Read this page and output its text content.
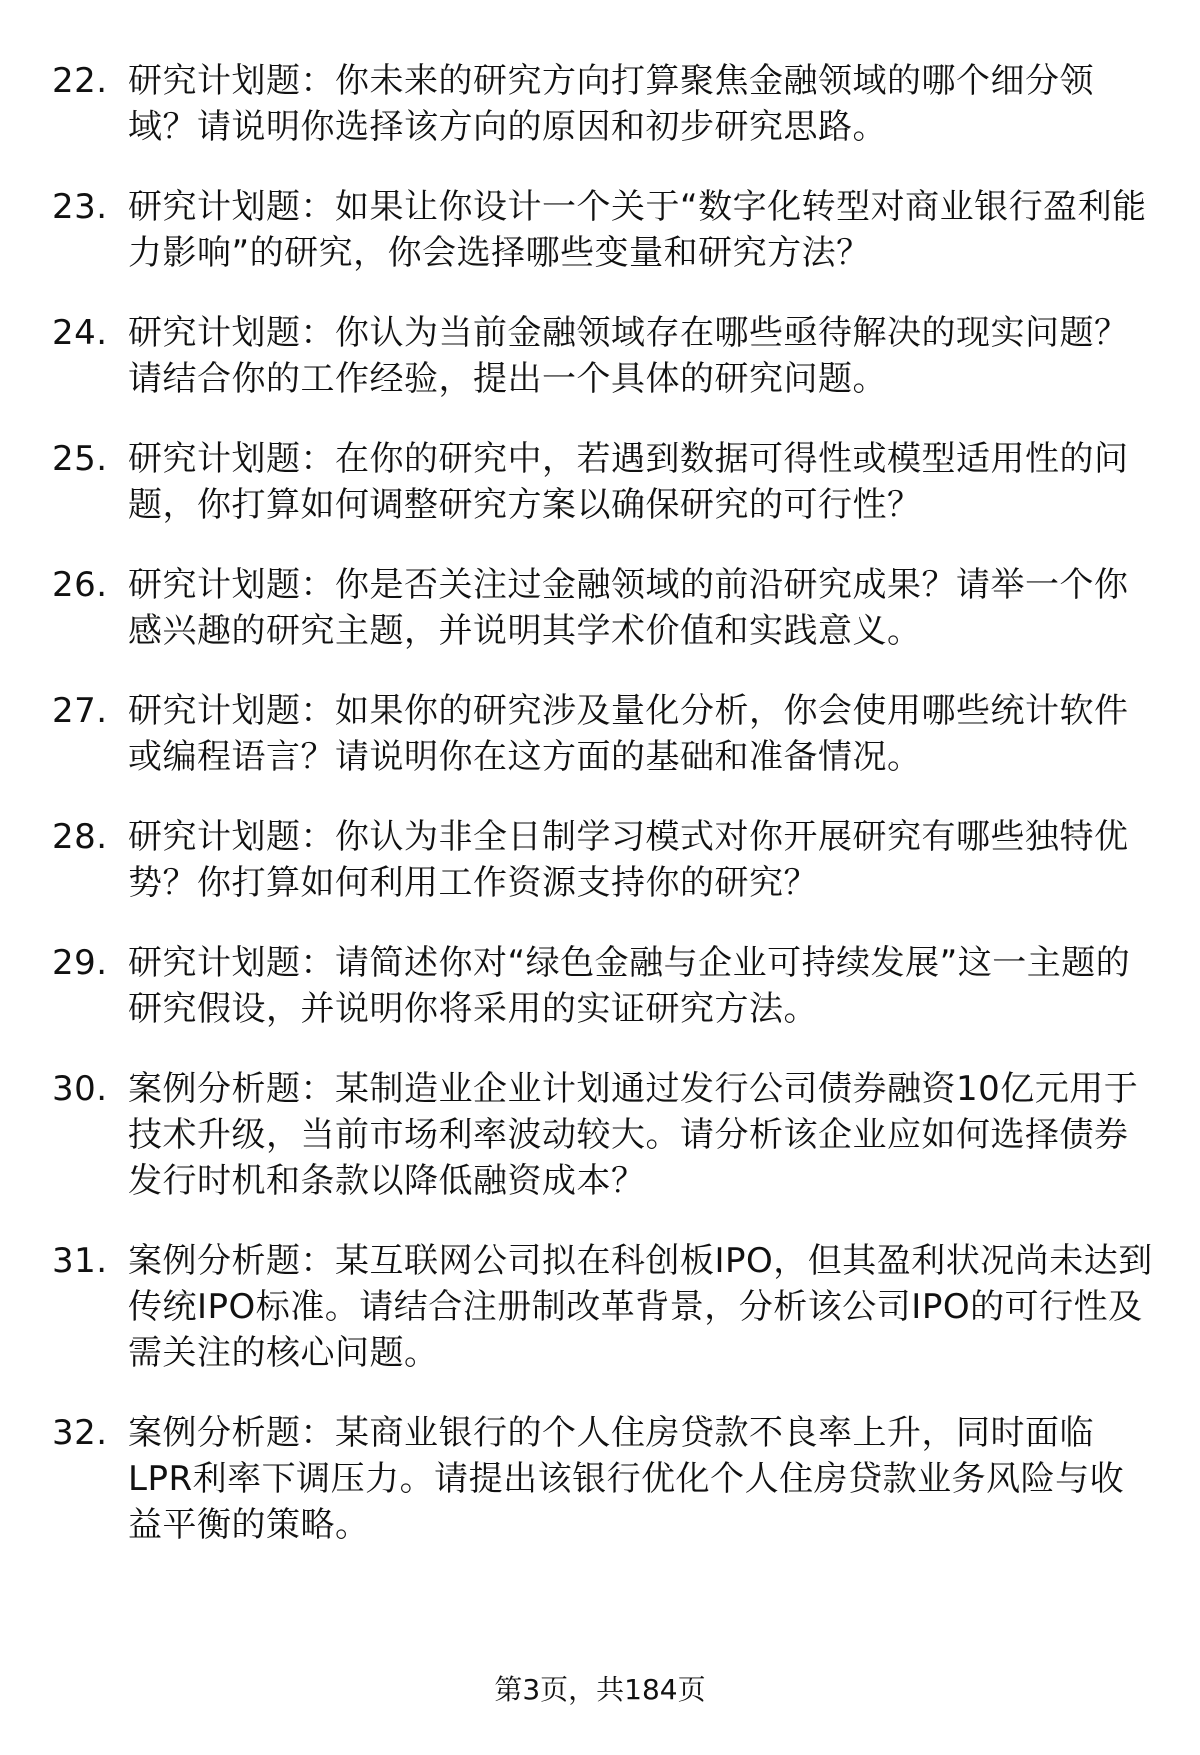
22. 研究计划题：你未来的研究方向打算聚焦金融领域的哪个细分领域？请说明你选择该方向的原因和初步研究思路。
23. 研究计划题：如果让你设计一个关于“数字化转型对商业银行盈利能力影响”的研究，你会选择哪些变量和研究方法？
24. 研究计划题：你认为当前金融领域存在哪些亟待解决的现实问题？请结合你的工作经验，提出一个具体的研究问题。
25. 研究计划题：在你的研究中，若遇到数据可得性或模型适用性的问题，你打算如何调整研究方案以确保研究的可行性？
26. 研究计划题：你是否关注过金融领域的前沿研究成果？请举一个你感兴趣的研究主题，并说明其学术价值和实践意义。
27. 研究计划题：如果你的研究涉及量化分析，你会使用哪些统计软件或编程语言？请说明你在这方面的基础和准备情况。
28. 研究计划题：你认为非全日制学习模式对你开展研究有哪些独特优势？你打算如何利用工作资源支持你的研究？
29. 研究计划题：请简述你对“绿色金融与企业可持续发展”这一主题的研究假设，并说明你将采用的实证研究方法。
30. 案例分析题：某制造业企业计划通过发行公司债券融资10亿元用于技术升级，当前市场利率波动较大。请分析该企业应如何选择债券发行时机和条款以降低融资成本？
31. 案例分析题：某互联网公司拟在科创板IPO，但其盈利状况尚未达到传统IPO标准。请结合注册制改革背景，分析该公司IPO的可行性及需关注的核心问题。
32. 案例分析题：某商业银行的个人住房贷款不良率上升，同时面临LPR利率下调压力。请提出该银行优化个人住房贷款业务风险与收益平衡的策略。
第3页，共184页
